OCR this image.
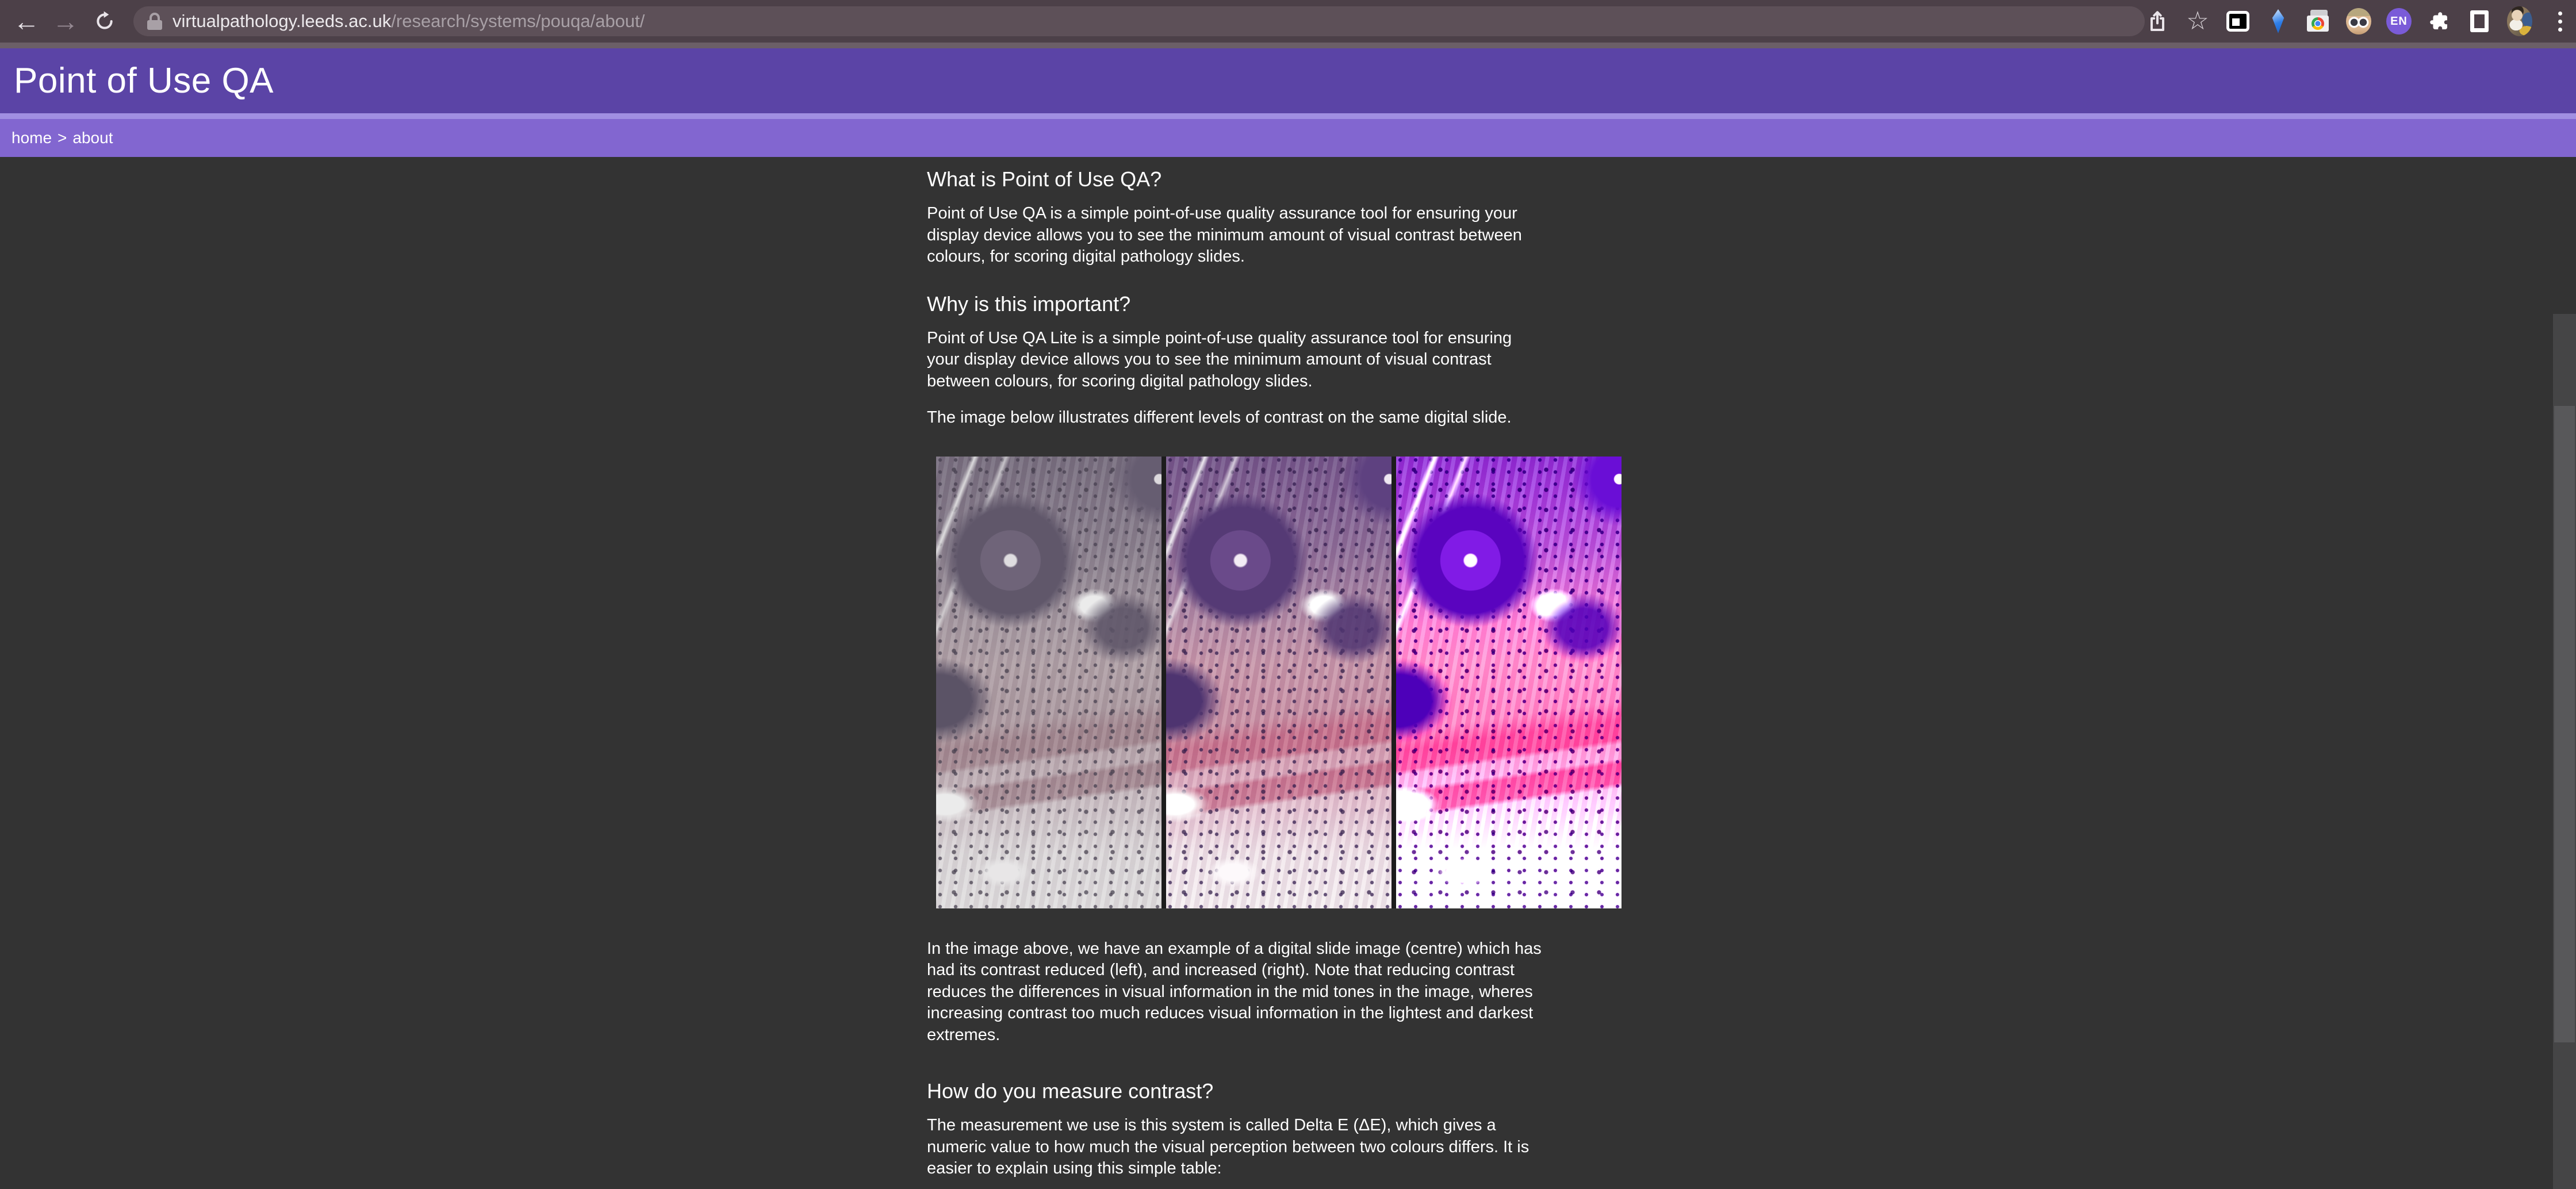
← →	virtualpathology.leeds.ac.uk/research/systems/pouqa/about/	☆	EN
Point of Use QA
home > about
What is Point of Use QA?

Point of Use QA is a simple point-of-use quality assurance tool for ensuring your
display device allows you to see the minimum amount of visual contrast between
colours, for scoring digital pathology slides.

Why is this important?

Point of Use QA Lite is a simple point-of-use quality assurance tool for ensuring
your display device allows you to see the minimum amount of visual contrast
between colours, for scoring digital pathology slides.

The image below illustrates different levels of contrast on the same digital slide.

In the image above, we have an example of a digital slide image (centre) which has
had its contrast reduced (left), and increased (right). Note that reducing contrast
reduces the differences in visual information in the mid tones in the image, wheres
increasing contrast too much reduces visual information in the lightest and darkest
extremes.

How do you measure contrast?

The measurement we use is this system is called Delta E (ΔE), which gives a
numeric value to how much the visual perception between two colours differs. It is
easier to explain using this simple table:
